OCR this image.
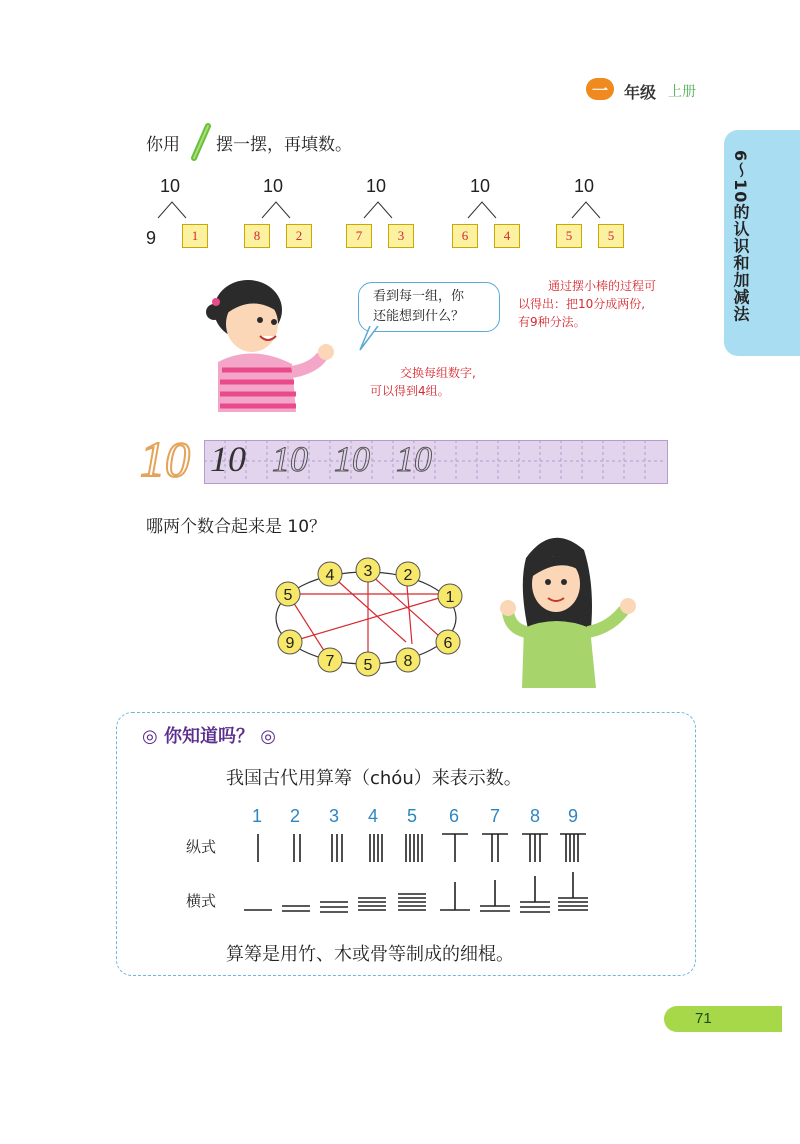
一	年级 上册
6～10的认识和加减法
你用 摆一摆，再填数。
10	10	10	10	10
9	1	8	2	7	3	6	4	5	5
看到每一组，你
还能想到什么？
通过摆小棒的过程可
以得出：把10分成两份,
有9种分法。
交换每组数字,
可以得到4组。
10 10 10 10 10
哪两个数合起来是 10？
4 3 2
5	1
9	6
7 5 8
◎ 你知道吗？ ◎
我国古代用算筹（chóu）来表示数。
1 2 3 4 5 6 7 8 9
纵式
横式
算筹是用竹、木或骨等制成的细棍。
71
